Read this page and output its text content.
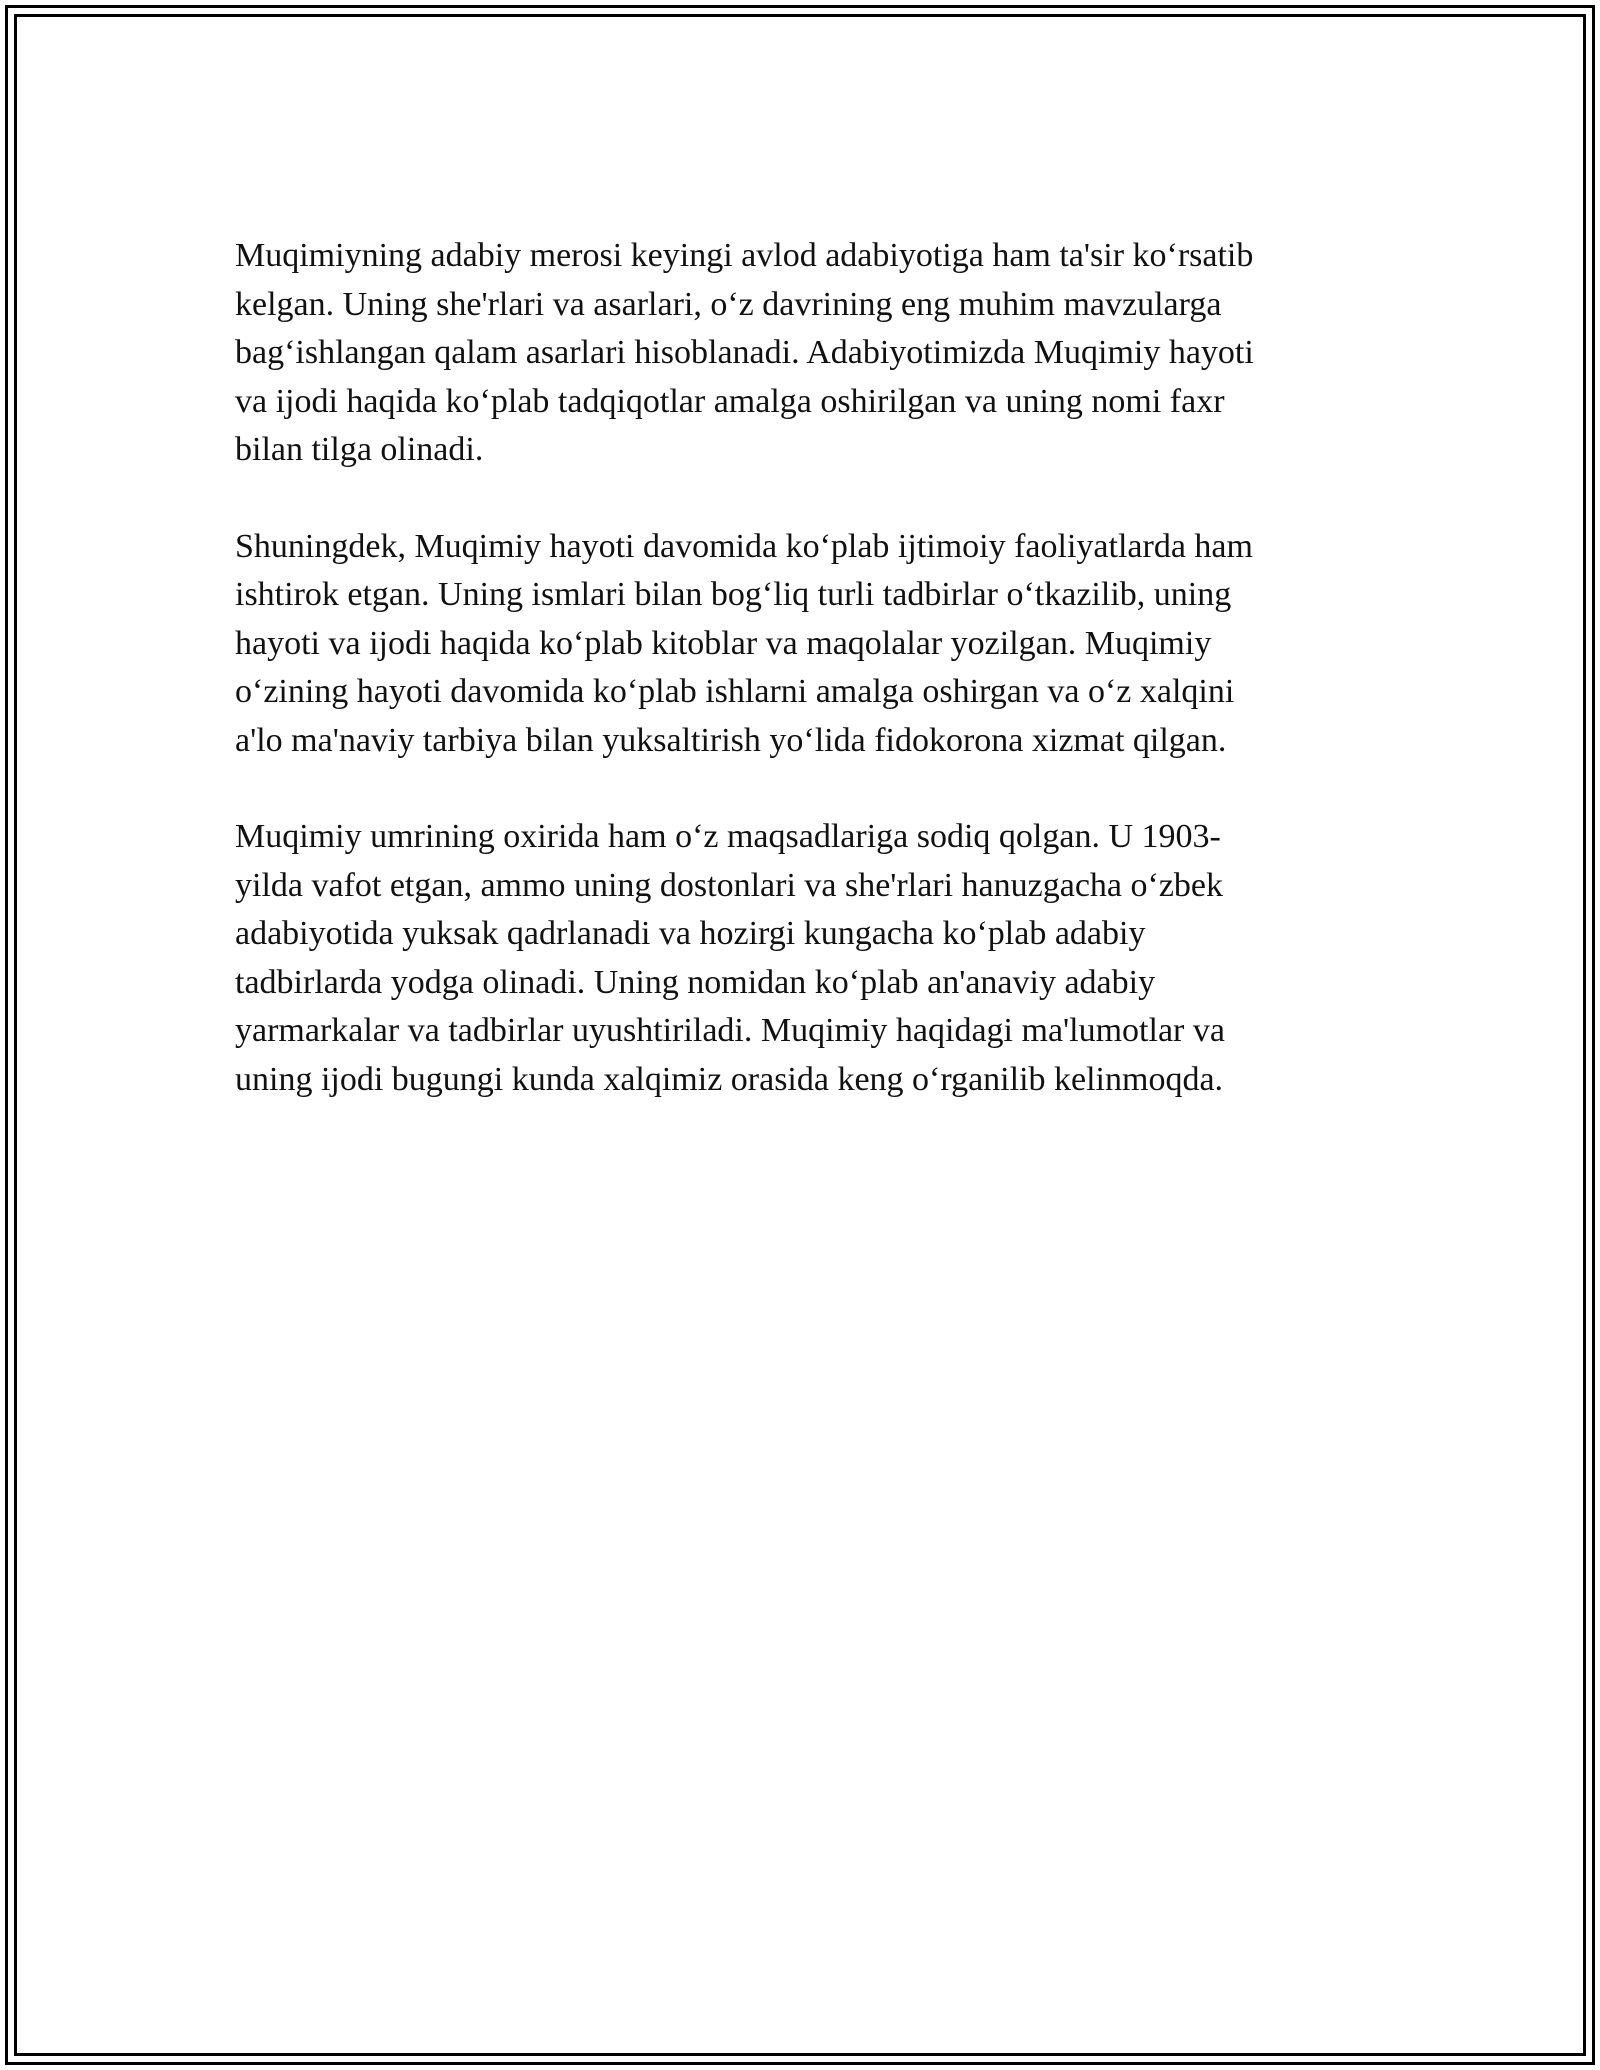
Muqimiyning adabiy merosi keyingi avlod adabiyotiga ham ta'sir ko‘rsatib
kelgan. Uning she'rlari va asarlari, o‘z davrining eng muhim mavzularga
bag‘ishlangan qalam asarlari hisoblanadi. Adabiyotimizda Muqimiy hayoti
va ijodi haqida ko‘plab tadqiqotlar amalga oshirilgan va uning nomi faxr
bilan tilga olinadi.

Shuningdek, Muqimiy hayoti davomida ko‘plab ijtimoiy faoliyatlarda ham
ishtirok etgan. Uning ismlari bilan bog‘liq turli tadbirlar o‘tkazilib, uning
hayoti va ijodi haqida ko‘plab kitoblar va maqolalar yozilgan. Muqimiy
o‘zining hayoti davomida ko‘plab ishlarni amalga oshirgan va o‘z xalqini
a'lo ma'naviy tarbiya bilan yuksaltirish yo‘lida fidokorona xizmat qilgan.

Muqimiy umrining oxirida ham o‘z maqsadlariga sodiq qolgan. U 1903-
yilda vafot etgan, ammo uning dostonlari va she'rlari hanuzgacha o‘zbek
adabiyotida yuksak qadrlanadi va hozirgi kungacha ko‘plab adabiy
tadbirlarda yodga olinadi. Uning nomidan ko‘plab an'anaviy adabiy
yarmarkalar va tadbirlar uyushtiriladi. Muqimiy haqidagi ma'lumotlar va
uning ijodi bugungi kunda xalqimiz orasida keng o‘rganilib kelinmoqda.
